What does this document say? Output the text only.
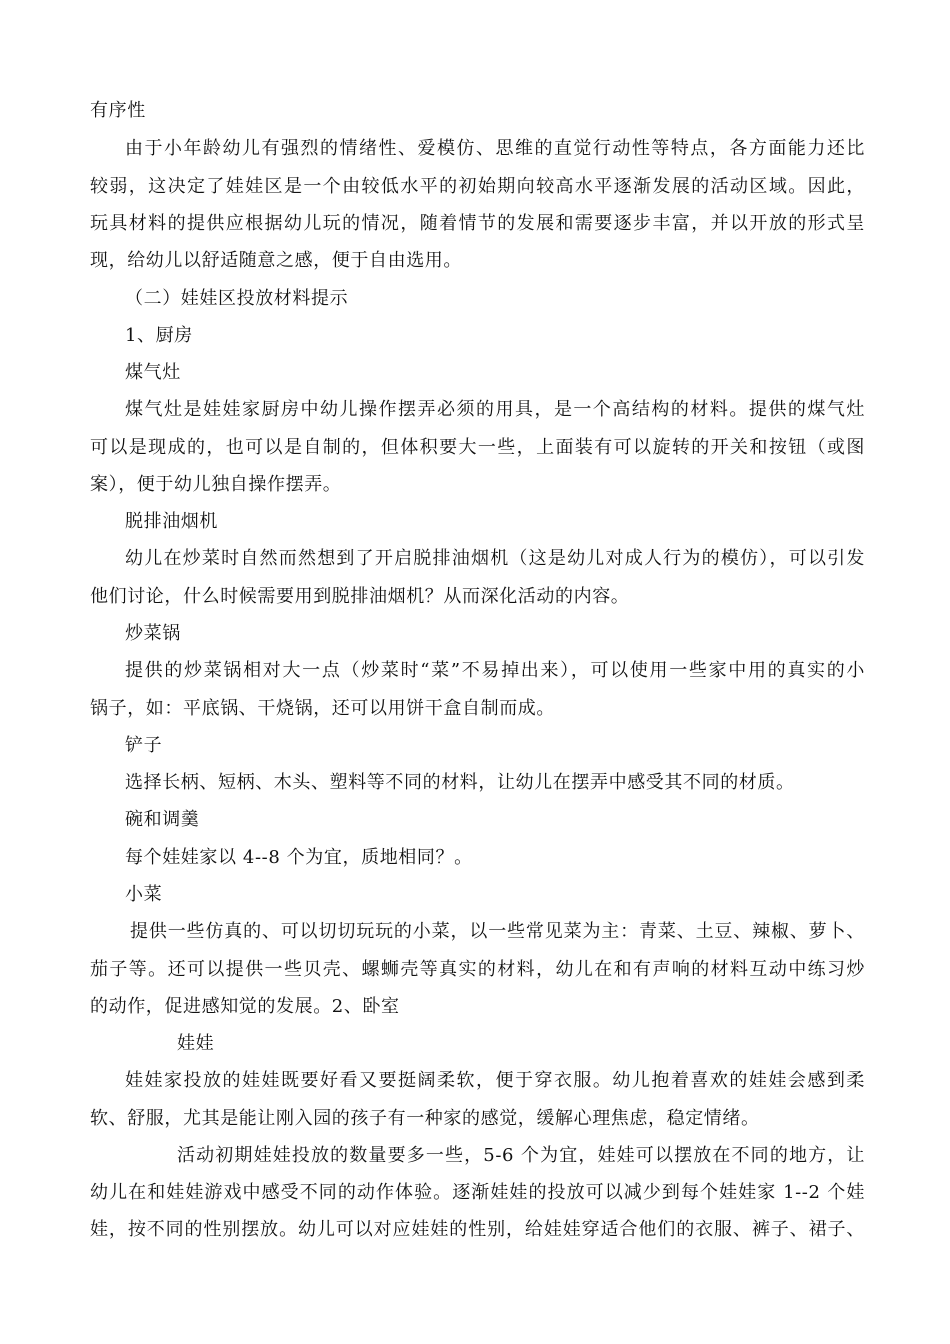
有序性

由于小年龄幼儿有强烈的情绪性、爱模仿、思维的直觉行动性等特点，各方面能力还比

较弱，这决定了娃娃区是一个由较低水平的初始期向较高水平逐渐发展的活动区域。因此，

玩具材料的提供应根据幼儿玩的情况，随着情节的发展和需要逐步丰富，并以开放的形式呈

现，给幼儿以舒适随意之感，便于自由选用。

（二）娃娃区投放材料提示

1、厨房

煤气灶

煤气灶是娃娃家厨房中幼儿操作摆弄必须的用具，是一个高结构的材料。提供的煤气灶

可以是现成的，也可以是自制的，但体积要大一些，上面装有可以旋转的开关和按钮（或图

案），便于幼儿独自操作摆弄。

脱排油烟机

幼儿在炒菜时自然而然想到了开启脱排油烟机（这是幼儿对成人行为的模仿），可以引发

他们讨论，什么时候需要用到脱排油烟机？从而深化活动的内容。

炒菜锅

提供的炒菜锅相对大一点（炒菜时“菜”不易掉出来），可以使用一些家中用的真实的小

锅子，如：平底锅、干烧锅，还可以用饼干盒自制而成。

铲子

选择长柄、短柄、木头、塑料等不同的材料，让幼儿在摆弄中感受其不同的材质。

碗和调羹

每个娃娃家以 4--8 个为宜，质地相同？。

小菜

提供一些仿真的、可以切切玩玩的小菜，以一些常见菜为主：青菜、土豆、辣椒、萝卜、

茄子等。还可以提供一些贝壳、螺蛳壳等真实的材料，幼儿在和有声响的材料互动中练习炒

的动作，促进感知觉的发展。2、卧室

娃娃

娃娃家投放的娃娃既要好看又要挺阔柔软，便于穿衣服。幼儿抱着喜欢的娃娃会感到柔

软、舒服，尤其是能让刚入园的孩子有一种家的感觉，缓解心理焦虑，稳定情绪。

活动初期娃娃投放的数量要多一些，5-6 个为宜，娃娃可以摆放在不同的地方，让

幼儿在和娃娃游戏中感受不同的动作体验。逐渐娃娃的投放可以减少到每个娃娃家 1--2 个娃

娃，按不同的性别摆放。幼儿可以对应娃娃的性别，给娃娃穿适合他们的衣服、裤子、裙子、
